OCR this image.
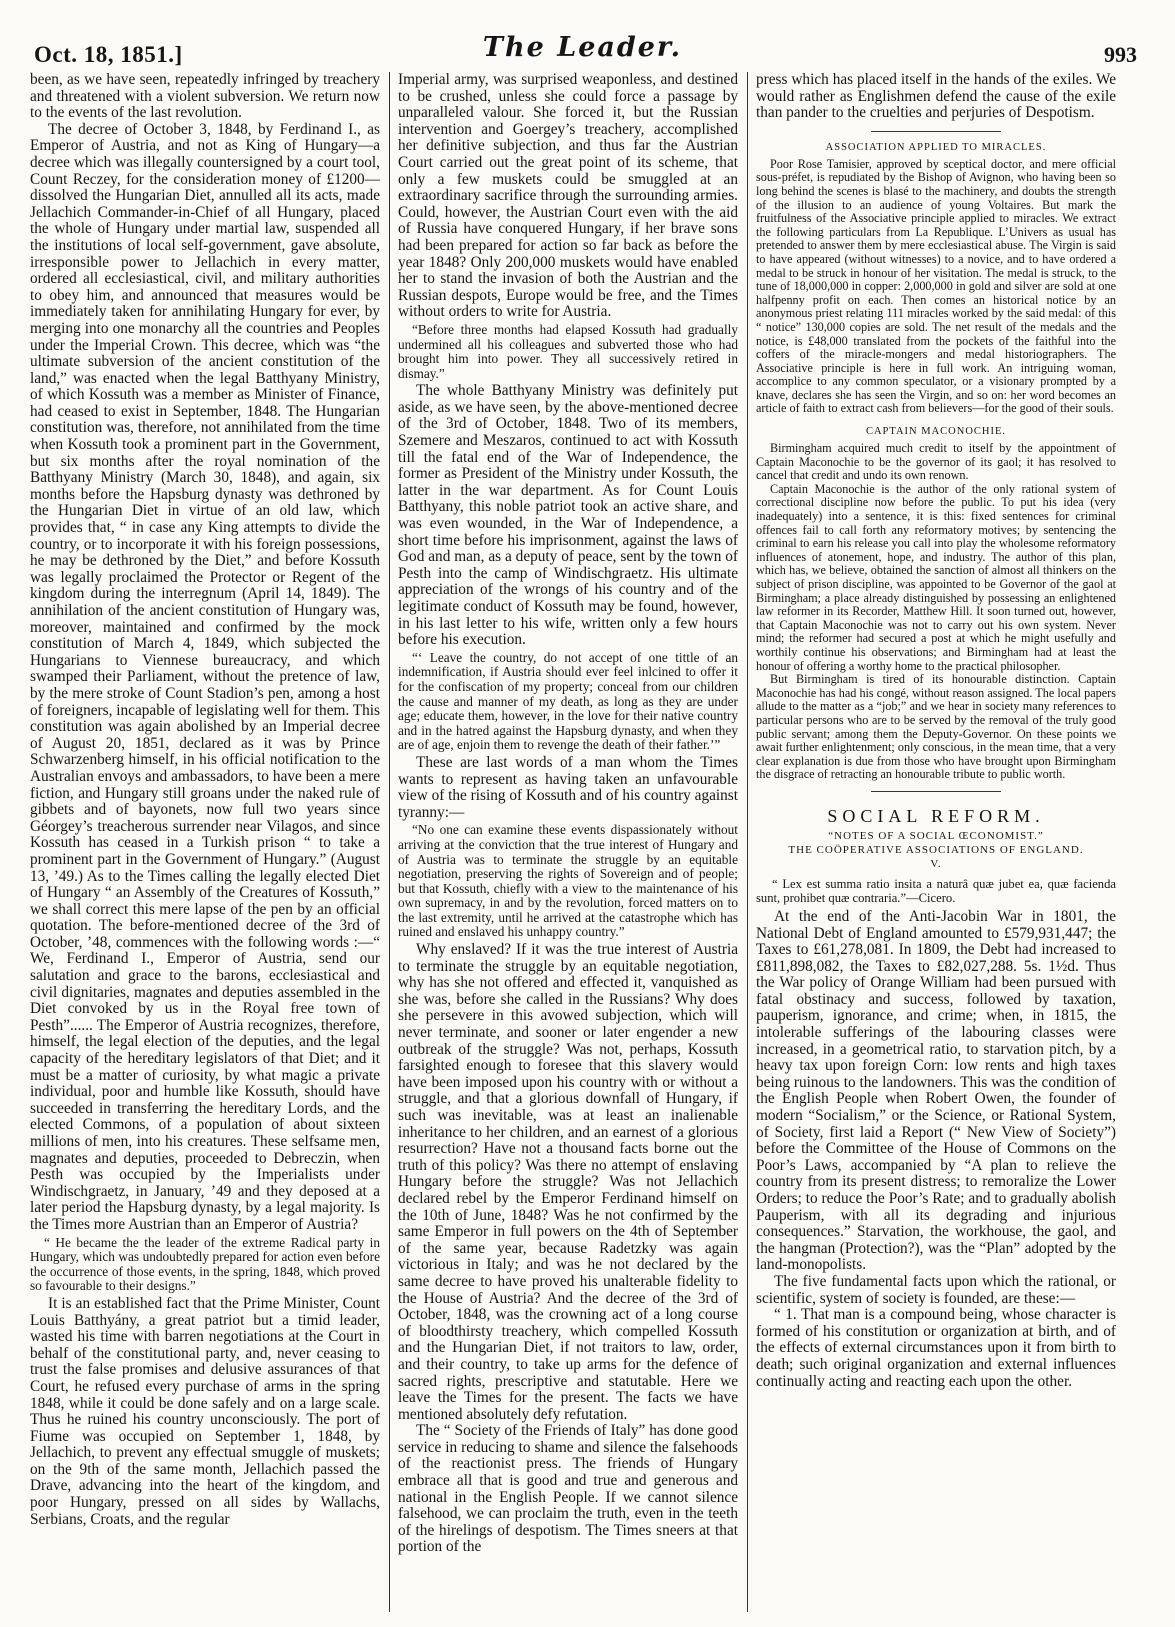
Oct. 18, 1851.]	The Leader.	993

been, as we have seen, repeatedly infringed by treachery and threatened with a violent subversion. We return now to the events of the last revolution.

The decree of October 3, 1848, by Ferdinand I., as Emperor of Austria, and not as King of Hungary—a decree which was illegally countersigned by a court tool, Count Reczey, for the consideration money of £1200—dissolved the Hungarian Diet, annulled all its acts, made Jellachich Commander-in-Chief of all Hungary, placed the whole of Hungary under martial law, suspended all the institutions of local self-government, gave absolute, irresponsible power to Jellachich in every matter, ordered all ecclesiastical, civil, and military authorities to obey him, and announced that measures would be immediately taken for annihilating Hungary for ever, by merging into one monarchy all the countries and Peoples under the Imperial Crown. This decree, which was “the ultimate subversion of the ancient constitution of the land,” was enacted when the legal Batthyany Ministry, of which Kossuth was a member as Minister of Finance, had ceased to exist in September, 1848. The Hungarian constitution was, therefore, not annihilated from the time when Kossuth took a prominent part in the Government, but six months after the royal nomination of the Batthyany Ministry (March 30, 1848), and again, six months before the Hapsburg dynasty was dethroned by the Hungarian Diet in virtue of an old law, which provides that, “ in case any King attempts to divide the country, or to incorporate it with his foreign possessions, he may be dethroned by the Diet,” and before Kossuth was legally proclaimed the Protector or Regent of the kingdom during the interregnum (April 14, 1849). The annihilation of the ancient constitution of Hungary was, moreover, maintained and confirmed by the mock constitution of March 4, 1849, which subjected the Hungarians to Viennese bureaucracy, and which swamped their Parliament, without the pretence of law, by the mere stroke of Count Stadion’s pen, among a host of foreigners, incapable of legislating well for them. This constitution was again abolished by an Imperial decree of August 20, 1851, declared as it was by Prince Schwarzenberg himself, in his official notification to the Australian envoys and ambassadors, to have been a mere fiction, and Hungary still groans under the naked rule of gibbets and of bayonets, now full two years since Géorgey’s treacherous surrender near Vilagos, and since Kossuth has ceased in a Turkish prison “ to take a prominent part in the Government of Hungary.” (August 13, ’49.) As to the Times calling the legally elected Diet of Hungary “ an Assembly of the Creatures of Kossuth,” we shall correct this mere lapse of the pen by an official quotation. The before-mentioned decree of the 3rd of October, ’48, commences with the following words :—“ We, Ferdinand I., Emperor of Austria, send our salutation and grace to the barons, ecclesiastical and civil dignitaries, magnates and deputies assembled in the Diet convoked by us in the Royal free town of Pesth”...... The Emperor of Austria recognizes, therefore, himself, the legal election of the deputies, and the legal capacity of the hereditary legislators of that Diet; and it must be a matter of curiosity, by what magic a private individual, poor and humble like Kossuth, should have succeeded in transferring the hereditary Lords, and the elected Commons, of a population of about sixteen millions of men, into his creatures. These selfsame men, magnates and deputies, proceeded to Debreczin, when Pesth was occupied by the Imperialists under Windischgraetz, in January, ’49 and they deposed at a later period the Hapsburg dynasty, by a legal majority. Is the Times more Austrian than an Emperor of Austria?

“ He became the the leader of the extreme Radical party in Hungary, which was undoubtedly prepared for action even before the occurrence of those events, in the spring, 1848, which proved so favourable to their designs.”

It is an established fact that the Prime Minister, Count Louis Batthyány, a great patriot but a timid leader, wasted his time with barren negotiations at the Court in behalf of the constitutional party, and, never ceasing to trust the false promises and delusive assurances of that Court, he refused every purchase of arms in the spring 1848, while it could be done safely and on a large scale. Thus he ruined his country unconsciously. The port of Fiume was occupied on September 1, 1848, by Jellachich, to prevent any effectual smuggle of muskets; on the 9th of the same month, Jellachich passed the Drave, advancing into the heart of the kingdom, and poor Hungary, pressed on all sides by Wallachs, Serbians, Croats, and the regular

Imperial army, was surprised weaponless, and destined to be crushed, unless she could force a passage by unparalleled valour. She forced it, but the Russian intervention and Goergey’s treachery, accomplished her definitive subjection, and thus far the Austrian Court carried out the great point of its scheme, that only a few muskets could be smuggled at an extraordinary sacrifice through the surrounding armies. Could, however, the Austrian Court even with the aid of Russia have conquered Hungary, if her brave sons had been prepared for action so far back as before the year 1848? Only 200,000 muskets would have enabled her to stand the invasion of both the Austrian and the Russian despots, Europe would be free, and the Times without orders to write for Austria.

“Before three months had elapsed Kossuth had gradually undermined all his colleagues and subverted those who had brought him into power. They all successively retired in dismay.”

The whole Batthyany Ministry was definitely put aside, as we have seen, by the above-mentioned decree of the 3rd of October, 1848. Two of its members, Szemere and Meszaros, continued to act with Kossuth till the fatal end of the War of Independence, the former as President of the Ministry under Kossuth, the latter in the war department. As for Count Louis Batthyany, this noble patriot took an active share, and was even wounded, in the War of Independence, a short time before his imprisonment, against the laws of God and man, as a deputy of peace, sent by the town of Pesth into the camp of Windischgraetz. His ultimate appreciation of the wrongs of his country and of the legitimate conduct of Kossuth may be found, however, in his last letter to his wife, written only a few hours before his execution.

“‘ Leave the country, do not accept of one tittle of an indemnification, if Austria should ever feel inlcined to offer it for the confiscation of my property; conceal from our children the cause and manner of my death, as long as they are under age; educate them, however, in the love for their native country and in the hatred against the Hapsburg dynasty, and when they are of age, enjoin them to revenge the death of their father.’”

These are last words of a man whom the Times wants to represent as having taken an unfavourable view of the rising of Kossuth and of his country against tyranny:—

“No one can examine these events dispassionately without arriving at the conviction that the true interest of Hungary and of Austria was to terminate the struggle by an equitable negotiation, preserving the rights of Sovereign and of people; but that Kossuth, chiefly with a view to the maintenance of his own supremacy, in and by the revolution, forced matters on to the last extremity, until he arrived at the catastrophe which has ruined and enslaved his unhappy country.”

Why enslaved? If it was the true interest of Austria to terminate the struggle by an equitable negotiation, why has she not offered and effected it, vanquished as she was, before she called in the Russians? Why does she persevere in this avowed subjection, which will never terminate, and sooner or later engender a new outbreak of the struggle? Was not, perhaps, Kossuth farsighted enough to foresee that this slavery would have been imposed upon his country with or without a struggle, and that a glorious downfall of Hungary, if such was inevitable, was at least an inalienable inheritance to her children, and an earnest of a glorious resurrection? Have not a thousand facts borne out the truth of this policy? Was there no attempt of enslaving Hungary before the struggle? Was not Jellachich declared rebel by the Emperor Ferdinand himself on the 10th of June, 1848? Was he not confirmed by the same Emperor in full powers on the 4th of September of the same year, because Radetzky was again victorious in Italy; and was he not declared by the same decree to have proved his unalterable fidelity to the House of Austria? And the decree of the 3rd of October, 1848, was the crowning act of a long course of bloodthirsty treachery, which compelled Kossuth and the Hungarian Diet, if not traitors to law, order, and their country, to take up arms for the defence of sacred rights, prescriptive and statutable. Here we leave the Times for the present. The facts we have mentioned absolutely defy refutation.

The “ Society of the Friends of Italy” has done good service in reducing to shame and silence the falsehoods of the reactionist press. The friends of Hungary embrace all that is good and true and generous and national in the English People. If we cannot silence falsehood, we can proclaim the truth, even in the teeth of the hirelings of despotism. The Times sneers at that portion of the

press which has placed itself in the hands of the exiles. We would rather as Englishmen defend the cause of the exile than pander to the cruelties and perjuries of Despotism.

ASSOCIATION APPLIED TO MIRACLES.

Poor Rose Tamisier, approved by sceptical doctor, and mere official sous-préfet, is repudiated by the Bishop of Avignon, who having been so long behind the scenes is blasé to the machinery, and doubts the strength of the illusion to an audience of young Voltaires. But mark the fruitfulness of the Associative principle applied to miracles. We extract the following particulars from La Republique. L’Univers as usual has pretended to answer them by mere ecclesiastical abuse. The Virgin is said to have appeared (without witnesses) to a novice, and to have ordered a medal to be struck in honour of her visitation. The medal is struck, to the tune of 18,000,000 in copper: 2,000,000 in gold and silver are sold at one halfpenny profit on each. Then comes an historical notice by an anonymous priest relating 111 miracles worked by the said medal: of this “ notice” 130,000 copies are sold. The net result of the medals and the notice, is £48,000 translated from the pockets of the faithful into the coffers of the miracle-mongers and medal historiographers. The Associative principle is here in full work. An intriguing woman, accomplice to any common speculator, or a visionary prompted by a knave, declares she has seen the Virgin, and so on: her word becomes an article of faith to extract cash from believers—for the good of their souls.

CAPTAIN MACONOCHIE.

Birmingham acquired much credit to itself by the appointment of Captain Maconochie to be the governor of its gaol; it has resolved to cancel that credit and undo its own renown.

Captain Maconochie is the author of the only rational system of correctional discipline now before the public. To put his idea (very inadequately) into a sentence, it is this: fixed sentences for criminal offences fail to call forth any reformatory motives; by sentencing the criminal to earn his release you call into play the wholesome reformatory influences of atonement, hope, and industry. The author of this plan, which has, we believe, obtained the sanction of almost all thinkers on the subject of prison discipline, was appointed to be Governor of the gaol at Birmingham; a place already distinguished by possessing an enlightened law reformer in its Recorder, Matthew Hill. It soon turned out, however, that Captain Maconochie was not to carry out his own system. Never mind; the reformer had secured a post at which he might usefully and worthily continue his observations; and Birmingham had at least the honour of offering a worthy home to the practical philosopher.

But Birmingham is tired of its honourable distinction. Captain Maconochie has had his congé, without reason assigned. The local papers allude to the matter as a “job;” and we hear in society many references to particular persons who are to be served by the removal of the truly good public servant; among them the Deputy-Governor. On these points we await further enlightenment; only conscious, in the mean time, that a very clear explanation is due from those who have brought upon Birmingham the disgrace of retracting an honourable tribute to public worth.

SOCIAL REFORM.
“NOTES OF A SOCIAL ŒCONOMIST.”
THE COÖPERATIVE ASSOCIATIONS OF ENGLAND.
V.

“ Lex est summa ratio insita a naturâ quæ jubet ea, quæ facienda sunt, prohibet quæ contraria.”—Cicero.

At the end of the Anti-Jacobin War in 1801, the National Debt of England amounted to £579,931,447; the Taxes to £61,278,081. In 1809, the Debt had increased to £811,898,082, the Taxes to £82,027,288. 5s. 1½d. Thus the War policy of Orange William had been pursued with fatal obstinacy and success, followed by taxation, pauperism, ignorance, and crime; when, in 1815, the intolerable sufferings of the labouring classes were increased, in a geometrical ratio, to starvation pitch, by a heavy tax upon foreign Corn: low rents and high taxes being ruinous to the landowners. This was the condition of the English People when Robert Owen, the founder of modern “Socialism,” or the Science, or Rational System, of Society, first laid a Report (“ New View of Society”) before the Committee of the House of Commons on the Poor’s Laws, accompanied by “A plan to relieve the country from its present distress; to remoralize the Lower Orders; to reduce the Poor’s Rate; and to gradually abolish Pauperism, with all its degrading and injurious consequences.” Starvation, the workhouse, the gaol, and the hangman (Protection?), was the “Plan” adopted by the land-monopolists.

The five fundamental facts upon which the rational, or scientific, system of society is founded, are these:—

“ 1. That man is a compound being, whose character is formed of his constitution or organization at birth, and of the effects of external circumstances upon it from birth to death; such original organization and external influences continually acting and reacting each upon the other.
